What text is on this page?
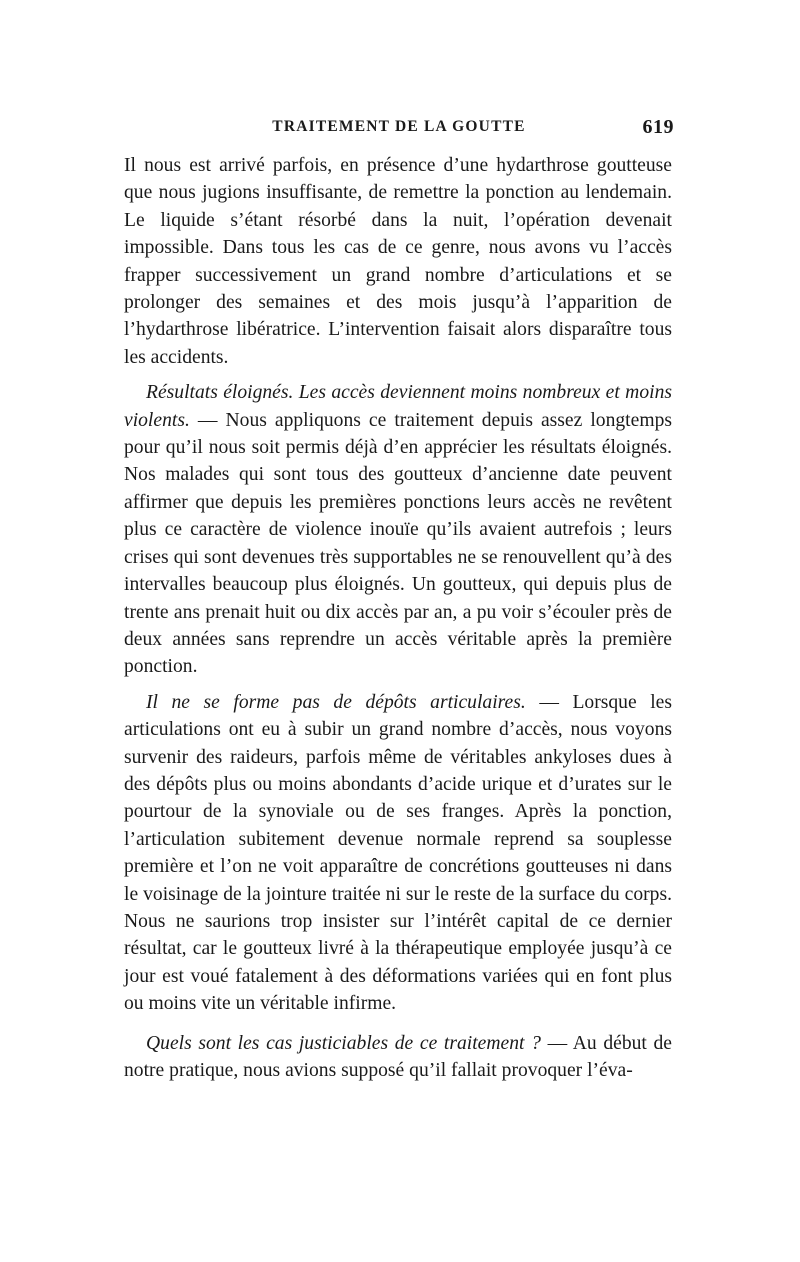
TRAITEMENT DE LA GOUTTE	619

Il nous est arrivé parfois, en présence d’une hydarthrose goutteuse que nous jugions insuffisante, de remettre la ponction au lendemain. Le liquide s’étant résorbé dans la nuit, l’opération devenait impossible. Dans tous les cas de ce genre, nous avons vu l’accès frapper successivement un grand nombre d’articulations et se prolonger des semaines et des mois jusqu’à l’apparition de l’hydarthrose libératrice. L’intervention faisait alors disparaître tous les accidents.

Résultats éloignés. Les accès deviennent moins nombreux et moins violents. — Nous appliquons ce traitement depuis assez longtemps pour qu’il nous soit permis déjà d’en apprécier les résultats éloignés. Nos malades qui sont tous des goutteux d’ancienne date peuvent affirmer que depuis les premières ponctions leurs accès ne revêtent plus ce caractère de violence inouïe qu’ils avaient autrefois ; leurs crises qui sont devenues très supportables ne se renouvellent qu’à des intervalles beaucoup plus éloignés. Un goutteux, qui depuis plus de trente ans prenait huit ou dix accès par an, a pu voir s’écouler près de deux années sans reprendre un accès véritable après la première ponction.

Il ne se forme pas de dépôts articulaires. — Lorsque les articulations ont eu à subir un grand nombre d’accès, nous voyons survenir des raideurs, parfois même de véritables ankyloses dues à des dépôts plus ou moins abondants d’acide urique et d’urates sur le pourtour de la synoviale ou de ses franges. Après la ponction, l’articulation subitement devenue normale reprend sa souplesse première et l’on ne voit apparaître de concrétions goutteuses ni dans le voisinage de la jointure traitée ni sur le reste de la surface du corps. Nous ne saurions trop insister sur l’intérêt capital de ce dernier résultat, car le goutteux livré à la thérapeutique employée jusqu’à ce jour est voué fatalement à des déformations variées qui en font plus ou moins vite un véritable infirme.

Quels sont les cas justiciables de ce traitement ? — Au début de notre pratique, nous avions supposé qu’il fallait provoquer l’éva-
